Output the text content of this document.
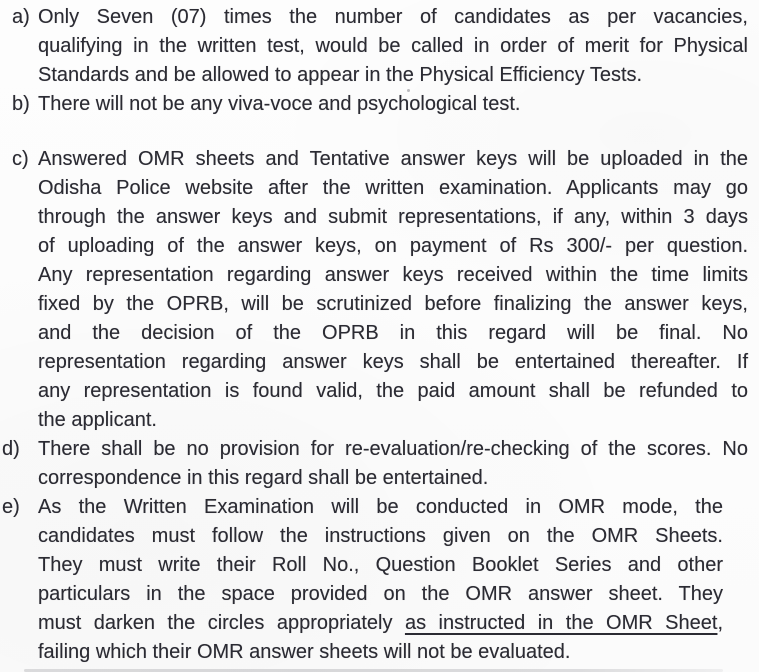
a) Only Seven (07) times the number of candidates as per vacancies,
qualifying in the written test, would be called in order of merit for Physical
Standards and be allowed to appear in the Physical Efficiency Tests.
b) There will not be any viva-voce and psychological test.
c) Answered OMR sheets and Tentative answer keys will be uploaded in the
Odisha Police website after the written examination. Applicants may go
through the answer keys and submit representations, if any, within 3 days
of uploading of the answer keys, on payment of Rs 300/- per question.
Any representation regarding answer keys received within the time limits
fixed by the OPRB, will be scrutinized before finalizing the answer keys,
and the decision of the OPRB in this regard will be final. No
representation regarding answer keys shall be entertained thereafter. If
any representation is found valid, the paid amount shall be refunded to
the applicant.
d) There shall be no provision for re-evaluation/re-checking of the scores. No
correspondence in this regard shall be entertained.
e) As the Written Examination will be conducted in OMR mode, the
candidates must follow the instructions given on the OMR Sheets.
They must write their Roll No., Question Booklet Series and other
particulars in the space provided on the OMR answer sheet. They
must darken the circles appropriately as instructed in the OMR Sheet,
failing which their OMR answer sheets will not be evaluated.
